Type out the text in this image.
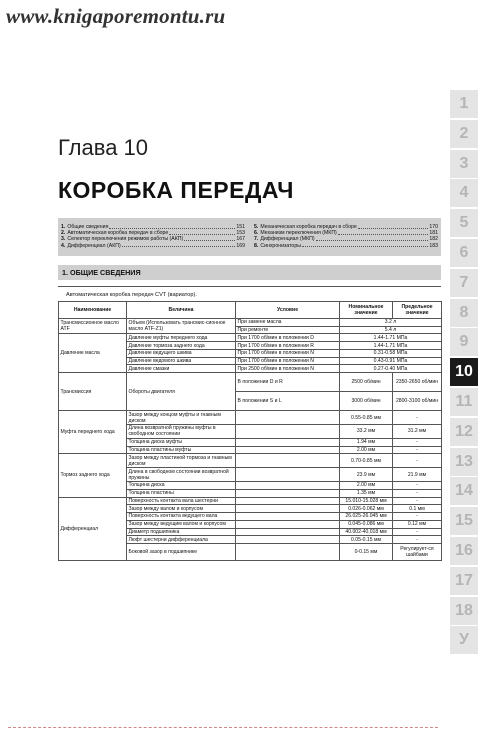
www.knigaporemontu.ru
Глава 10
КОРОБКА ПЕРЕДАЧ
1. Общие сведения	151
2. Автоматическая коробка передач в сборе	153
3. Селектор переключения режимов работы (АКП)	167
4. Дифференциал (АКП)	169
5. Механическая коробка передач в сборе	170
6. Механизм переключения (МКП)	181
7. Дифференциал (МКП)	182
8. Синхронизаторы	183
1. ОБЩИЕ СВЕДЕНИЯ
Автоматическая коробка передач CVT (вариатор).
Наименование	Величина	Условие	Номинальное значение	Предельное значение
Трансмиссионное масло ATF	Объем (Использовать трансмис-сионное масло ATF-Z1)	При замене масла	3.2 л	
		При ремонте	5.4 л	
Давление масла	Давление муфты переднего хода	При 1700 об/мин в положении D	1.44-1.71 МПа	
	Давление тормоза заднего хода	При 1700 об/мин в положении R	1.44-1.71 МПа	
	Давление ведущего шкива	При 1700 об/мин в положении N	0.31-0.58 МПа	
	Давление ведомого шкива	При 1700 об/мин в положении N	0.43-0.91 МПа	
	Давление смазки	При 2500 об/мин в положении N	0.27-0.40 МПа	
Трансмиссия	Обороты двигателя	В положении D и R	2500 об/мин	2350-2650 об/мин
		В положении S и L	3000 об/мин	2800-3100 об/мин
Муфта переднего хода	Зазор между концом муфты и гнавным диском		0.55-0.85 мм	-
	Длина возвратной пружины муфты в свободном состоянии		33.2 мм	31.2 мм
	Толщина диска муфты		1.94 мм	-
	Толщина пластины муфты		2.00 мм	-
Тормоз заднего хода	Зазор между пластиной тормоза и гнавным диском		0.70-0.85 мм	-
	Длина в свободном состоянии возвратной пружины		23.9 мм	21.9 мм
	Толщина диска		2.00 мм	-
	Толщина пластины		1.35 мм	-
Дифференциал	Поверхность контакта вала шестерни		15.010-15.028 мм	-
	Зазор между валом и корпусом		0.026-0.062 мм	0.1 мм
	Поверхность контакта ведущего вала		26.025-26.045 мм	-
	Зазор между ведущим валом и корпусом		0.045-0.086 мм	0.12 мм
	Диаметр подшипника		40.002-40.018 мм	-
	Люфт шестерни дифференциала		0.05-0.15 мм	-
	Боковой зазор в подшипнике		0-0.15 мм	Регулирует-ся шайбами
1
2
3
4
5
6
7
8
9
10
11
12
13
14
15
16
17
18
У
